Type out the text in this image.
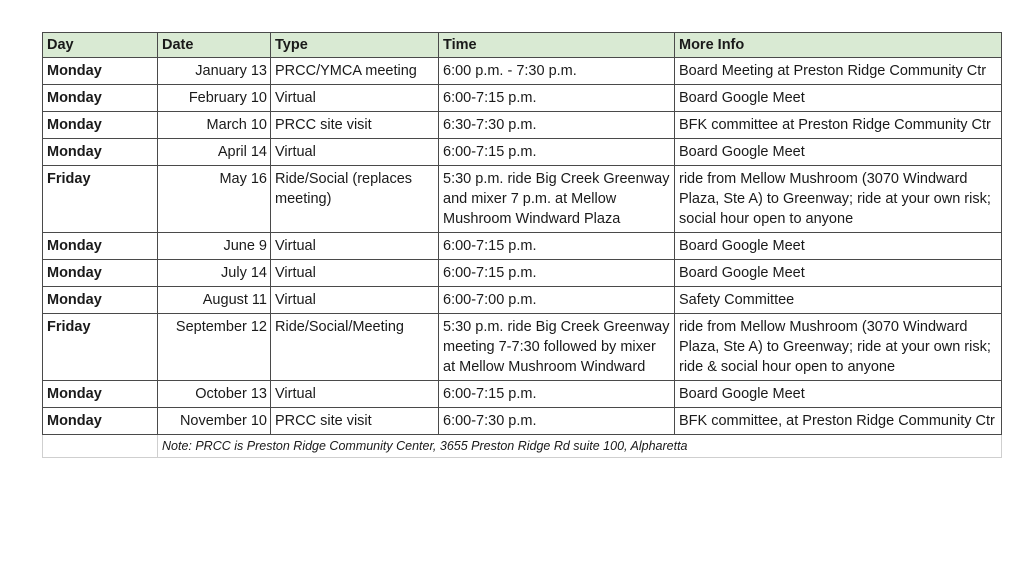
Day	Date	Type	Time	More Info
Monday	January 13	PRCC/YMCA meeting	6:00 p.m. - 7:30 p.m.	Board Meeting at Preston Ridge Community Ctr
Monday	February 10	Virtual	6:00-7:15 p.m.	Board Google Meet
Monday	March 10	PRCC site visit	6:30-7:30 p.m.	BFK committee at Preston Ridge Community Ctr
Monday	April 14	Virtual	6:00-7:15 p.m.	Board Google Meet
Friday	May 16	Ride/Social (replaces meeting)	5:30 p.m. ride Big Creek Greenway and mixer 7 p.m. at Mellow Mushroom Windward Plaza	ride from Mellow Mushroom (3070 Windward Plaza, Ste A) to Greenway; ride at your own risk; social hour open to anyone
Monday	June 9	Virtual	6:00-7:15 p.m.	Board Google Meet
Monday	July 14	Virtual	6:00-7:15 p.m.	Board Google Meet
Monday	August 11	Virtual	6:00-7:00 p.m.	Safety Committee
Friday	September 12	Ride/Social/Meeting	5:30 p.m. ride Big Creek Greenway meeting 7-7:30 followed by mixer at Mellow Mushroom Windward	ride from Mellow Mushroom (3070 Windward Plaza, Ste A) to Greenway; ride at your own risk; ride & social hour open to anyone
Monday	October 13	Virtual	6:00-7:15 p.m.	Board Google Meet
Monday	November 10	PRCC site visit	6:00-7:30 p.m.	BFK committee, at Preston Ridge Community Ctr
	Note: PRCC is Preston Ridge Community Center, 3655 Preston Ridge Rd suite 100, Alpharetta			
